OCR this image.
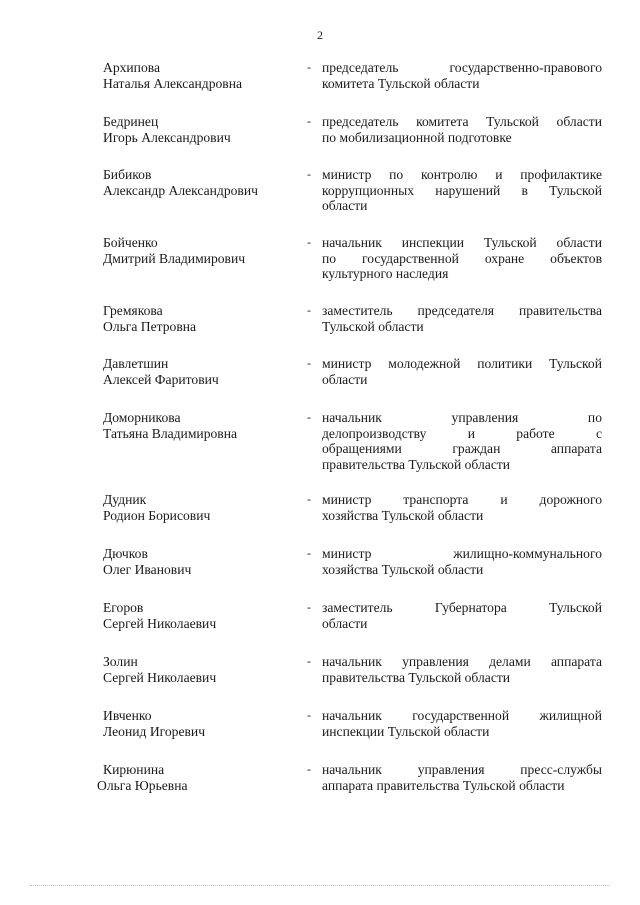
2
Архипова
Наталья Александровна
- председатель государственно-правового
комитета Тульской области
Бедринец
Игорь Александрович
- председатель комитета Тульской области
по мобилизационной подготовке
Бибиков
Александр Александрович
- министр по контролю и профилактике
коррупционных нарушений в Тульской
области
Бойченко
Дмитрий Владимирович
- начальник инспекции Тульской области
по государственной охране объектов
культурного наследия
Гремякова
Ольга Петровна
- заместитель председателя правительства
Тульской области
Давлетшин
Алексей Фаритович
- министр молодежной политики Тульской
области
Доморникова
Татьяна Владимировна
- начальник управления по
делопроизводству и работе с
обращениями граждан аппарата
правительства Тульской области
Дудник
Родион Борисович
- министр транспорта и дорожного
хозяйства Тульской области
Дючков
Олег Иванович
- министр жилищно-коммунального
хозяйства Тульской области
Егоров
Сергей Николаевич
- заместитель Губернатора Тульской
области
Золин
Сергей Николаевич
- начальник управления делами аппарата
правительства Тульской области
Ивченко
Леонид Игоревич
- начальник государственной жилищной
инспекции Тульской области
Кирюнина
Ольга Юрьевна
- начальник управления пресс-службы
аппарата правительства Тульской области
